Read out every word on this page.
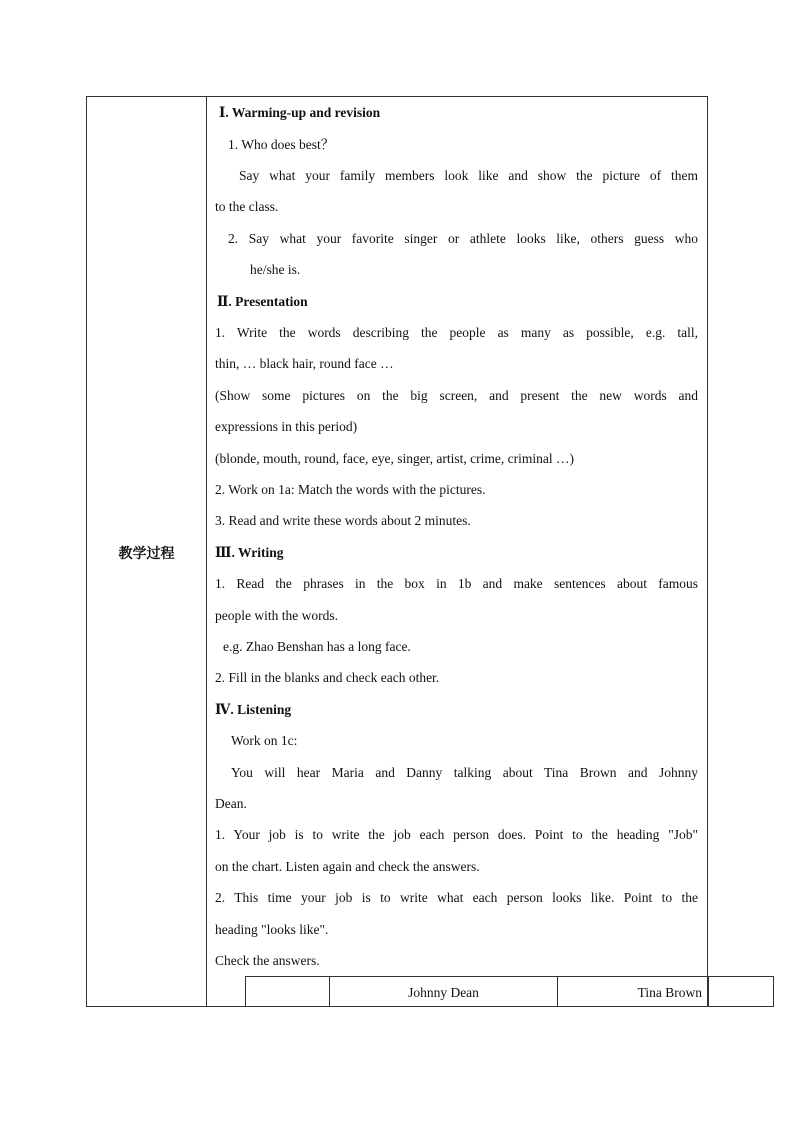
教学过程
Ⅰ. Warming-up and revision
1. Who does best？
Say what your family members look like and show the picture of them
to the class.
2. Say what your favorite singer or athlete looks like, others guess who
he/she is.
Ⅱ. Presentation
1. Write the words describing the people as many as possible, e.g. tall,
thin, … black hair, round face …
(Show some pictures on the big screen, and present the new words and
expressions in this period)
(blonde, mouth, round, face, eye, singer, artist, crime, criminal …)
2. Work on 1a: Match the words with the pictures.
3. Read and write these words about 2 minutes.
Ⅲ. Writing
1. Read the phrases in the box in 1b and make sentences about famous
people with the words.
e.g. Zhao Benshan has a long face.
2. Fill in the blanks and check each other.
Ⅳ. Listening
Work on 1c:
You will hear Maria and Danny talking about Tina Brown and Johnny
Dean.
1. Your job is to write the job each person does. Point to the heading "Job"
on the chart. Listen again and check the answers.
2. This time your job is to write what each person looks like. Point to the
heading "looks like".
Check the answers.
Johnny Dean	Tina Brown
